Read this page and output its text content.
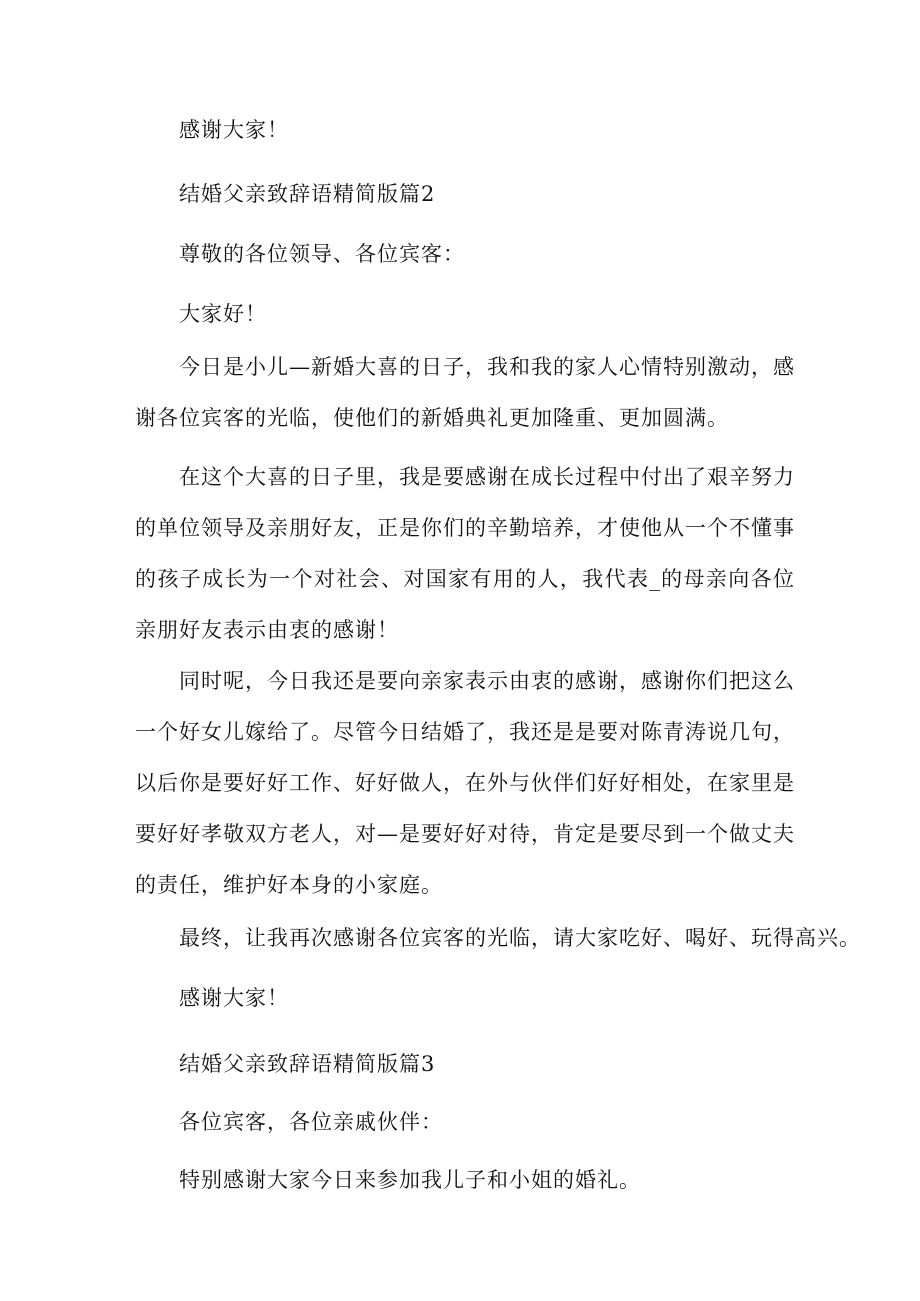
感谢大家！
结婚父亲致辞语精简版篇2
尊敬的各位领导、各位宾客：
大家好！
今日是小儿—新婚大喜的日子，我和我的家人心情特别激动，感谢各位宾客的光临，使他们的新婚典礼更加隆重、更加圆满。
在这个大喜的日子里，我是要感谢在成长过程中付出了艰辛努力的单位领导及亲朋好友，正是你们的辛勤培养，才使他从一个不懂事的孩子成长为一个对社会、对国家有用的人，我代表_的母亲向各位亲朋好友表示由衷的感谢！
同时呢，今日我还是要向亲家表示由衷的感谢，感谢你们把这么一个好女儿嫁给了。尽管今日结婚了，我还是是要对陈青涛说几句，以后你是要好好工作、好好做人，在外与伙伴们好好相处，在家里是要好好孝敬双方老人，对—是要好好对待，肯定是要尽到一个做丈夫的责任，维护好本身的小家庭。
最终，让我再次感谢各位宾客的光临，请大家吃好、喝好、玩得高兴。
感谢大家！
结婚父亲致辞语精简版篇3
各位宾客，各位亲戚伙伴：
特别感谢大家今日来参加我儿子和小姐的婚礼。
